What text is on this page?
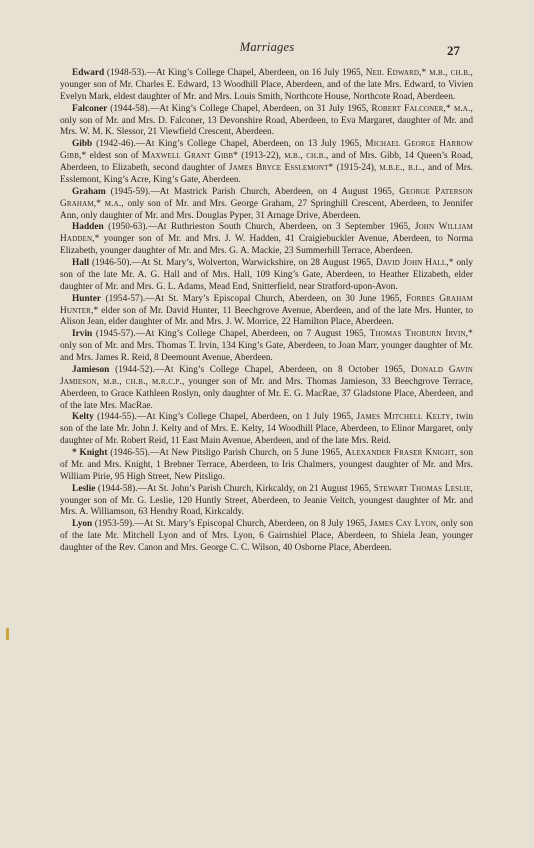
Marriages	27

Edward (1948-53).—At King’s College Chapel, Aberdeen, on 16 July 1965, Neil Edward,* m.b., ch.b., younger son of Mr. Charles E. Edward, 13 Woodhill Place, Aberdeen, and of the late Mrs. Edward, to Vivien Evelyn Mark, eldest daughter of Mr. and Mrs. Louis Smith, Northcote House, Northcote Road, Aberdeen.

Falconer (1944-58).—At King’s College Chapel, Aberdeen, on 31 July 1965, Robert Falconer,* m.a., only son of Mr. and Mrs. D. Falconer, 13 Devonshire Road, Aberdeen, to Eva Margaret, daughter of Mr. and Mrs. W. M. K. Slessor, 21 Viewfield Crescent, Aberdeen.

Gibb (1942-46).—At King’s College Chapel, Aberdeen, on 13 July 1965, Michael George Harrow Gibb,* eldest son of Maxwell Grant Gibb* (1913-22), m.b., ch.b., and of Mrs. Gibb, 14 Queen’s Road, Aberdeen, to Elizabeth, second daughter of James Bryce Esslemont* (1915-24), m.b.e., b.l., and of Mrs. Esslemont, King’s Acre, King’s Gate, Aberdeen.

Graham (1945-59).—At Mastrick Parish Church, Aberdeen, on 4 August 1965, George Paterson Graham,* m.a., only son of Mr. and Mrs. George Graham, 27 Springhill Crescent, Aberdeen, to Jennifer Ann, only daughter of Mr. and Mrs. Douglas Pyper, 31 Arnage Drive, Aberdeen.

Hadden (1950-63).—At Ruthrieston South Church, Aberdeen, on 3 September 1965, John William Hadden,* younger son of Mr. and Mrs. J. W. Hadden, 41 Craigiebuckler Avenue, Aberdeen, to Norma Elizabeth, younger daughter of Mr. and Mrs. G. A. Mackie, 23 Summerhill Terrace, Aberdeen.

Hall (1946-50).—At St. Mary’s, Wolverton, Warwickshire, on 28 August 1965, David John Hall,* only son of the late Mr. A. G. Hall and of Mrs. Hall, 109 King’s Gate, Aberdeen, to Heather Elizabeth, elder daughter of Mr. and Mrs. G. L. Adams, Mead End, Snitterfield, near Stratford-upon-Avon.

Hunter (1954-57).—At St. Mary’s Episcopal Church, Aberdeen, on 30 June 1965, Forbes Graham Hunter,* elder son of Mr. David Hunter, 11 Beechgrove Avenue, Aberdeen, and of the late Mrs. Hunter, to Alison Jean, elder daughter of Mr. and Mrs. J. W. Morrice, 22 Hamilton Place, Aberdeen.

Irvin (1945-57).—At King’s College Chapel, Aberdeen, on 7 August 1965, Thomas Thoburn Irvin,* only son of Mr. and Mrs. Thomas T. Irvin, 134 King’s Gate, Aberdeen, to Joan Marr, younger daughter of Mr. and Mrs. James R. Reid, 8 Deemount Avenue, Aberdeen.

Jamieson (1944-52).—At King’s College Chapel, Aberdeen, on 8 October 1965, Donald Gavin Jamieson, m.b., ch.b., m.r.c.p., younger son of Mr. and Mrs. Thomas Jamieson, 33 Beechgrove Terrace, Aberdeen, to Grace Kathleen Roslyn, only daughter of Mr. E. G. MacRae, 37 Gladstone Place, Aberdeen, and of the late Mrs. MacRae.

Kelty (1944-55).—At King’s College Chapel, Aberdeen, on 1 July 1965, James Mitchell Kelty, twin son of the late Mr. John J. Kelty and of Mrs. E. Kelty, 14 Woodhill Place, Aberdeen, to Elinor Margaret, only daughter of Mr. Robert Reid, 11 East Main Avenue, Aberdeen, and of the late Mrs. Reid.

* Knight (1946-55).—At New Pitsligo Parish Church, on 5 June 1965, Alexander Fraser Knight, son of Mr. and Mrs. Knight, 1 Brebner Terrace, Aberdeen, to Iris Chalmers, youngest daughter of Mr. and Mrs. William Pirie, 95 High Street, New Pitsligo.

Leslie (1944-58).—At St. John’s Parish Church, Kirkcaldy, on 21 August 1965, Stewart Thomas Leslie, younger son of Mr. G. Leslie, 120 Huntly Street, Aberdeen, to Jeanie Veitch, youngest daughter of Mr. and Mrs. A. Williamson, 63 Hendry Road, Kirkcaldy.

Lyon (1953-59).—At St. Mary’s Episcopal Church, Aberdeen, on 8 July 1965, James Cay Lyon, only son of the late Mr. Mitchell Lyon and of Mrs. Lyon, 6 Gairnshiel Place, Aberdeen, to Shiela Jean, younger daughter of the Rev. Canon and Mrs. George C. C. Wilson, 40 Osborne Place, Aberdeen.
